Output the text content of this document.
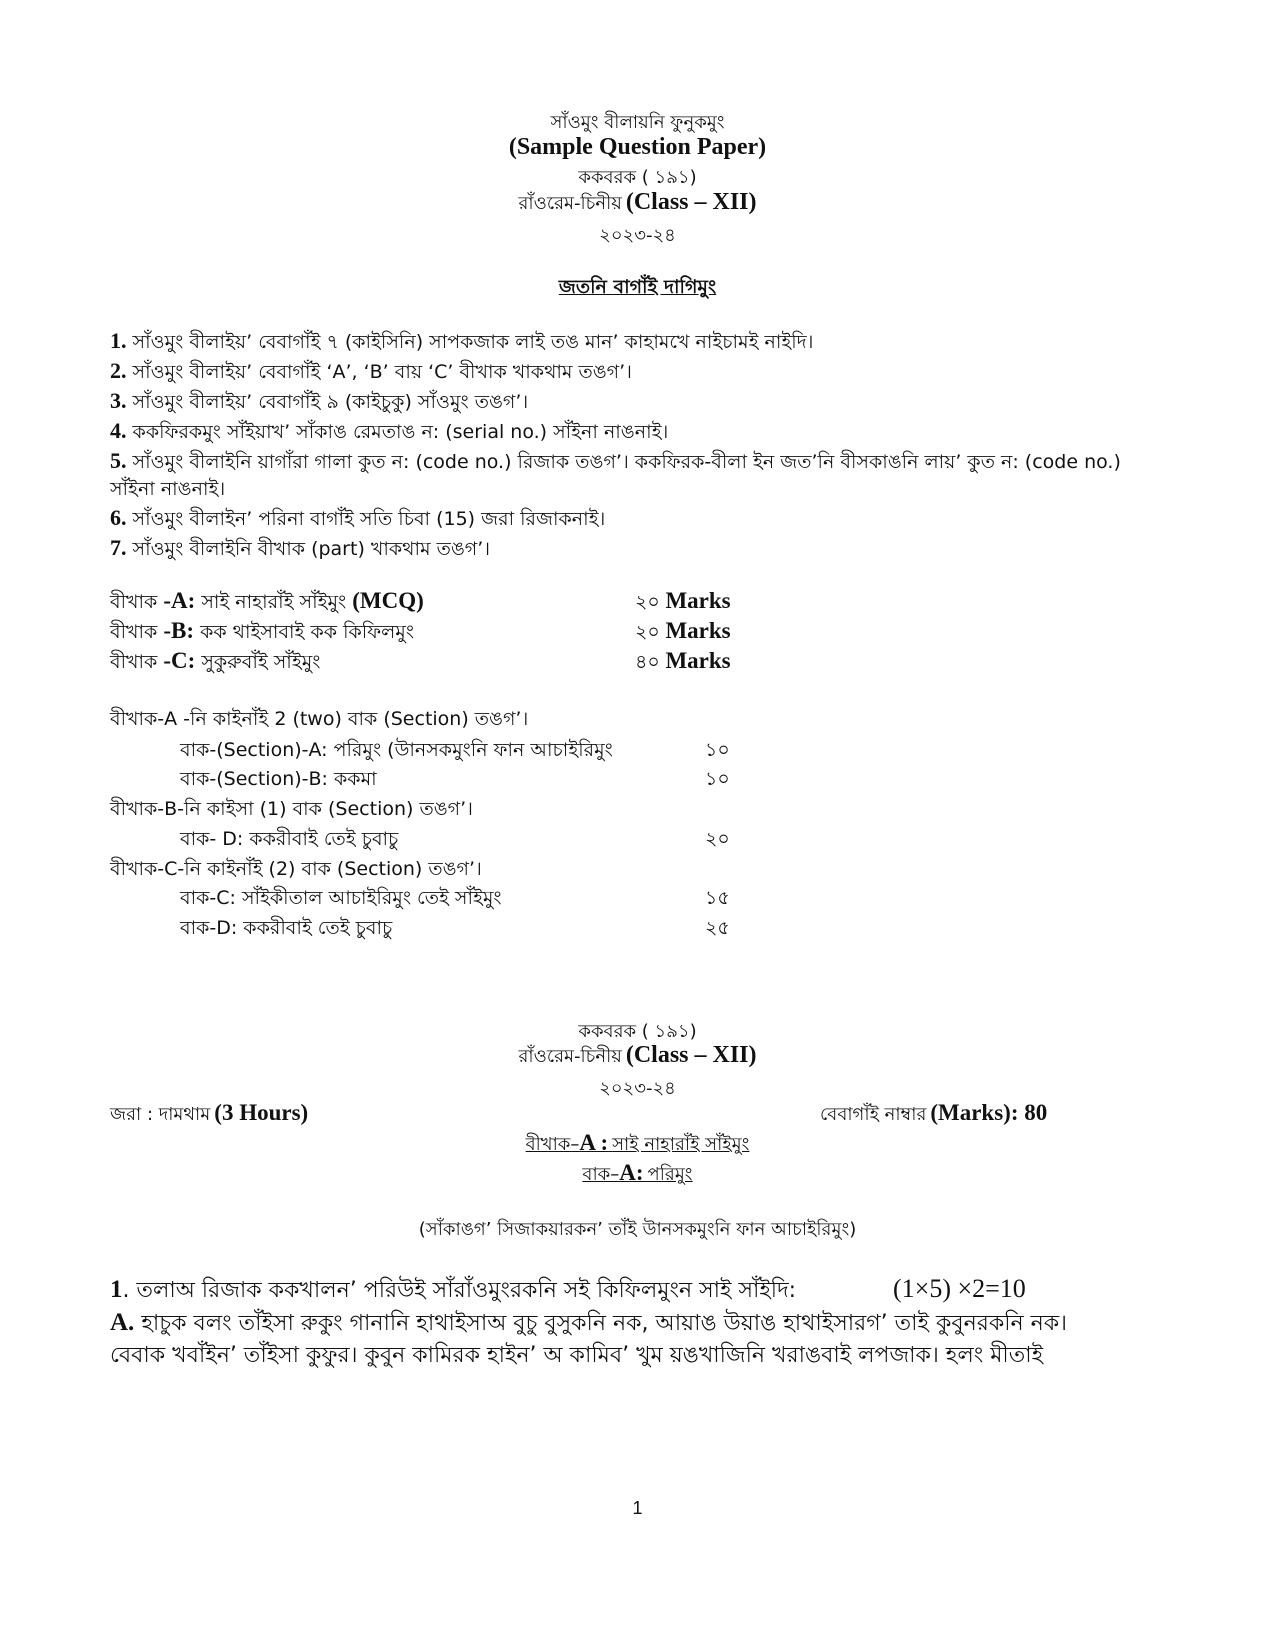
সাঁওমুং বীলায়নি ফুনুকমুং
(Sample Question Paper)
ককবরক ( ১৯১)
রাঁওরেম-চিনীয় (Class – XII)
২০২৩-২৪
জতনি বাগাঁই দাগিমুং
1. সাঁওমুং বীলাইয়’ বেবাগাঁই ৭ (কাইসিনি) সাপকজাক লাই তঙ মান’ কাহামখে নাইচামই নাইদি।
2. সাঁওমুং বীলাইয়’ বেবাগাঁই ‘A’, ‘B’ বায় ‘C’ বীখাক খাকথাম তঙগ’।
3. সাঁওমুং বীলাইয়’ বেবাগাঁই ৯ (কাইচুকু) সাঁওমুং তঙগ’।
4. ককফিরকমুং সাঁইয়াখ’ সাঁকাঙ রেমতাঙ ন: (serial no.) সাঁইনা নাঙনাই।
5. সাঁওমুং বীলাইনি য়াগাঁরা গালা কুত ন: (code no.) রিজাক তঙগ’। ককফিরক-বীলা ইন জত’নি বীসকাঙনি লায়’ কুত ন: (code no.)
সাঁইনা নাঙনাই।
6. সাঁওমুং বীলাইন’ পরিনা বাগাঁই সতি চিবা (15) জরা রিজাকনাই।
7. সাঁওমুং বীলাইনি বীখাক (part) খাকথাম তঙগ’।
বীখাক -A: সাই নাহারাঁই সাঁইমুং (MCQ)	২০ Marks
বীখাক -B: কক থাইসাবাই কক কিফিলমুং	২০ Marks
বীখাক -C: সুকুরুবাঁই সাঁইমুং	৪০ Marks
বীখাক-A -নি কাইনাঁই 2 (two) বাক (Section) তঙগ’।
বাক-(Section)-A: পরিমুং (উানসকমুংনি ফান আচাইরিমুং	১০
বাক-(Section)-B: ককমা	১০
বীখাক-B-নি কাইসা (1) বাক (Section) তঙগ’।
বাক- D: ককরীবাই তেই চুবাচু	২০
বীখাক-C-নি কাইনাঁই (2) বাক (Section) তঙগ’।
বাক-C: সাঁইকীতাল আচাইরিমুং তেই সাঁইমুং	১৫
বাক-D: ককরীবাই তেই চুবাচু	২৫
ককবরক ( ১৯১)
রাঁওরেম-চিনীয় (Class – XII)
২০২৩-২৪
জরা : দামথাম (3 Hours)	বেবাগাঁই নাম্বার (Marks): 80
বীখাক–A : সাই নাহারাঁই সাঁইমুং
বাক–A: পরিমুং
(সাঁকাঙগ’ সিজাকয়ারকন’ তাঁই উানসকমুংনি ফান আচাইরিমুং)
1. তলাঅ রিজাক ককখালন’ পরিউই সাঁরাঁওমুংরকনি সই কিফিলমুংন সাই সাঁইদি:	(1×5) ×2=10
A. হাচুক বলং তাঁইসা রুকুং গানানি হাথাইসাঅ বুচু বুসুকনি নক, আয়াঙ উয়াঙ হাথাইসারগ’ তাই কুবুনরকনি নক।
বেবাক খবাঁইন’ তাঁইসা কুফুর। কুবুন কামিরক হাইন’ অ কামিব’ খুম য়ঙখাজিনি খরাঙবাই লপজাক। হলং মীতাই
1
